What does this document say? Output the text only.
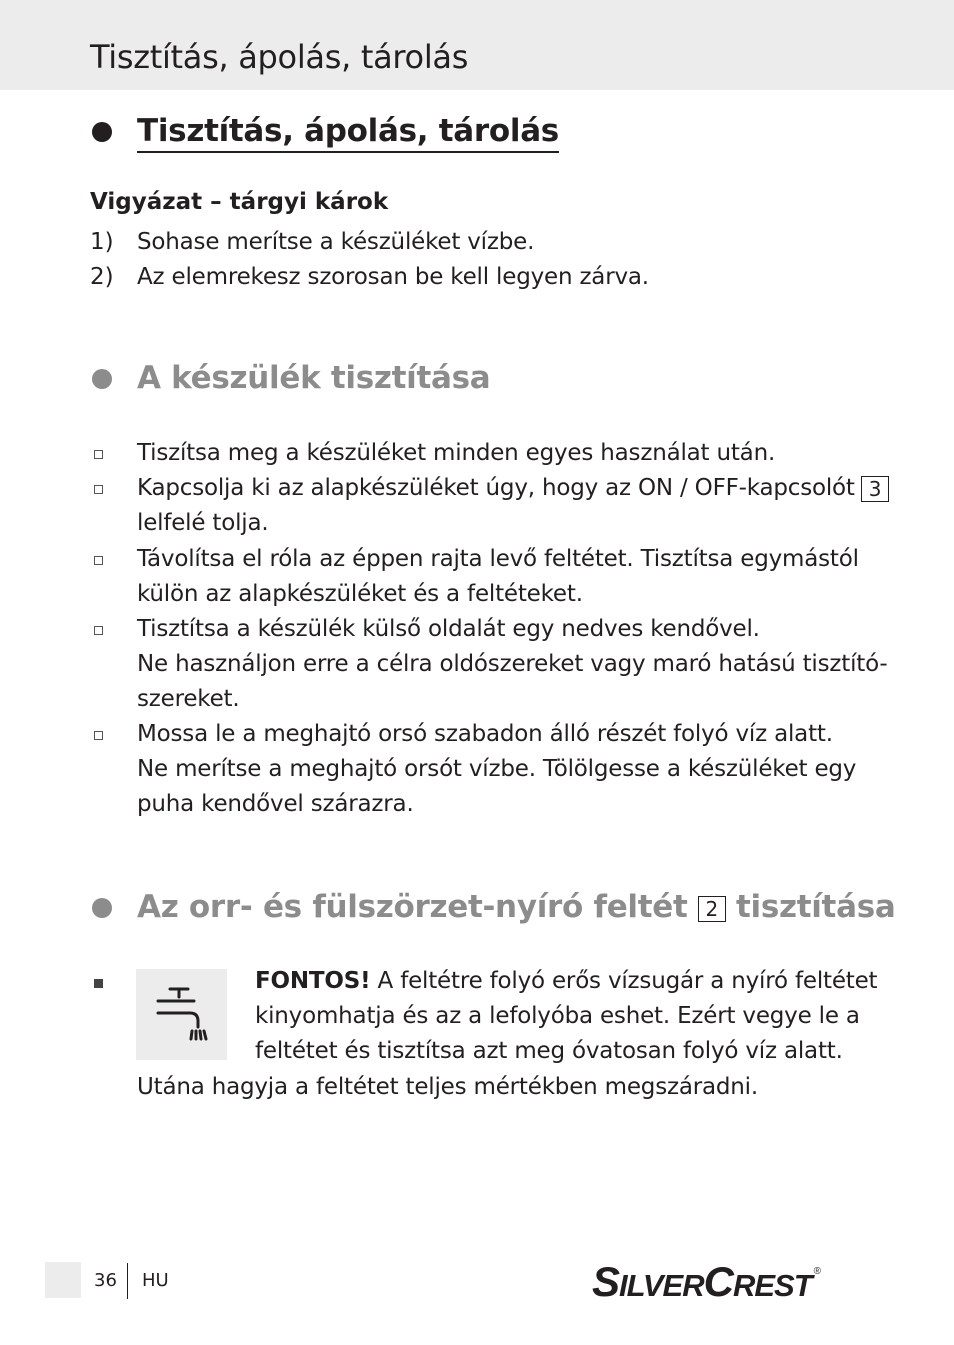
Tisztítás, ápolás, tárolás
Tisztítás, ápolás, tárolás
Vigyázat – tárgyi károk
1) Sohase merítse a készüléket vízbe.
2) Az elemrekesz szorosan be kell legyen zárva.
A készülék tisztítása
Tiszítsa meg a készüléket minden egyes használat után.
Kapcsolja ki az alapkészüléket úgy, hogy az ON / OFF-kapcsolót 3
lelfelé tolja.
Távolítsa el róla az éppen rajta levő feltétet. Tisztítsa egymástól
külön az alapkészüléket és a feltéteket.
Tisztítsa a készülék külső oldalát egy nedves kendővel.
Ne használjon erre a célra oldószereket vagy maró hatású tisztító-
szereket.
Mossa le a meghajtó orsó szabadon álló részét folyó víz alatt.
Ne merítse a meghajtó orsót vízbe. Tölölgesse a készüléket egy
puha kendővel szárazra.
Az orr- és fülszörzet-nyíró feltét 2 tisztítása
FONTOS! A feltétre folyó erős vízsugár a nyíró feltétet
kinyomhatja és az a lefolyóba eshet. Ezért vegye le a
feltétet és tisztítsa azt meg óvatosan folyó víz alatt.
Utána hagyja a feltétet teljes mértékben megszáradni.
36 HU	SILVERCREST ®
